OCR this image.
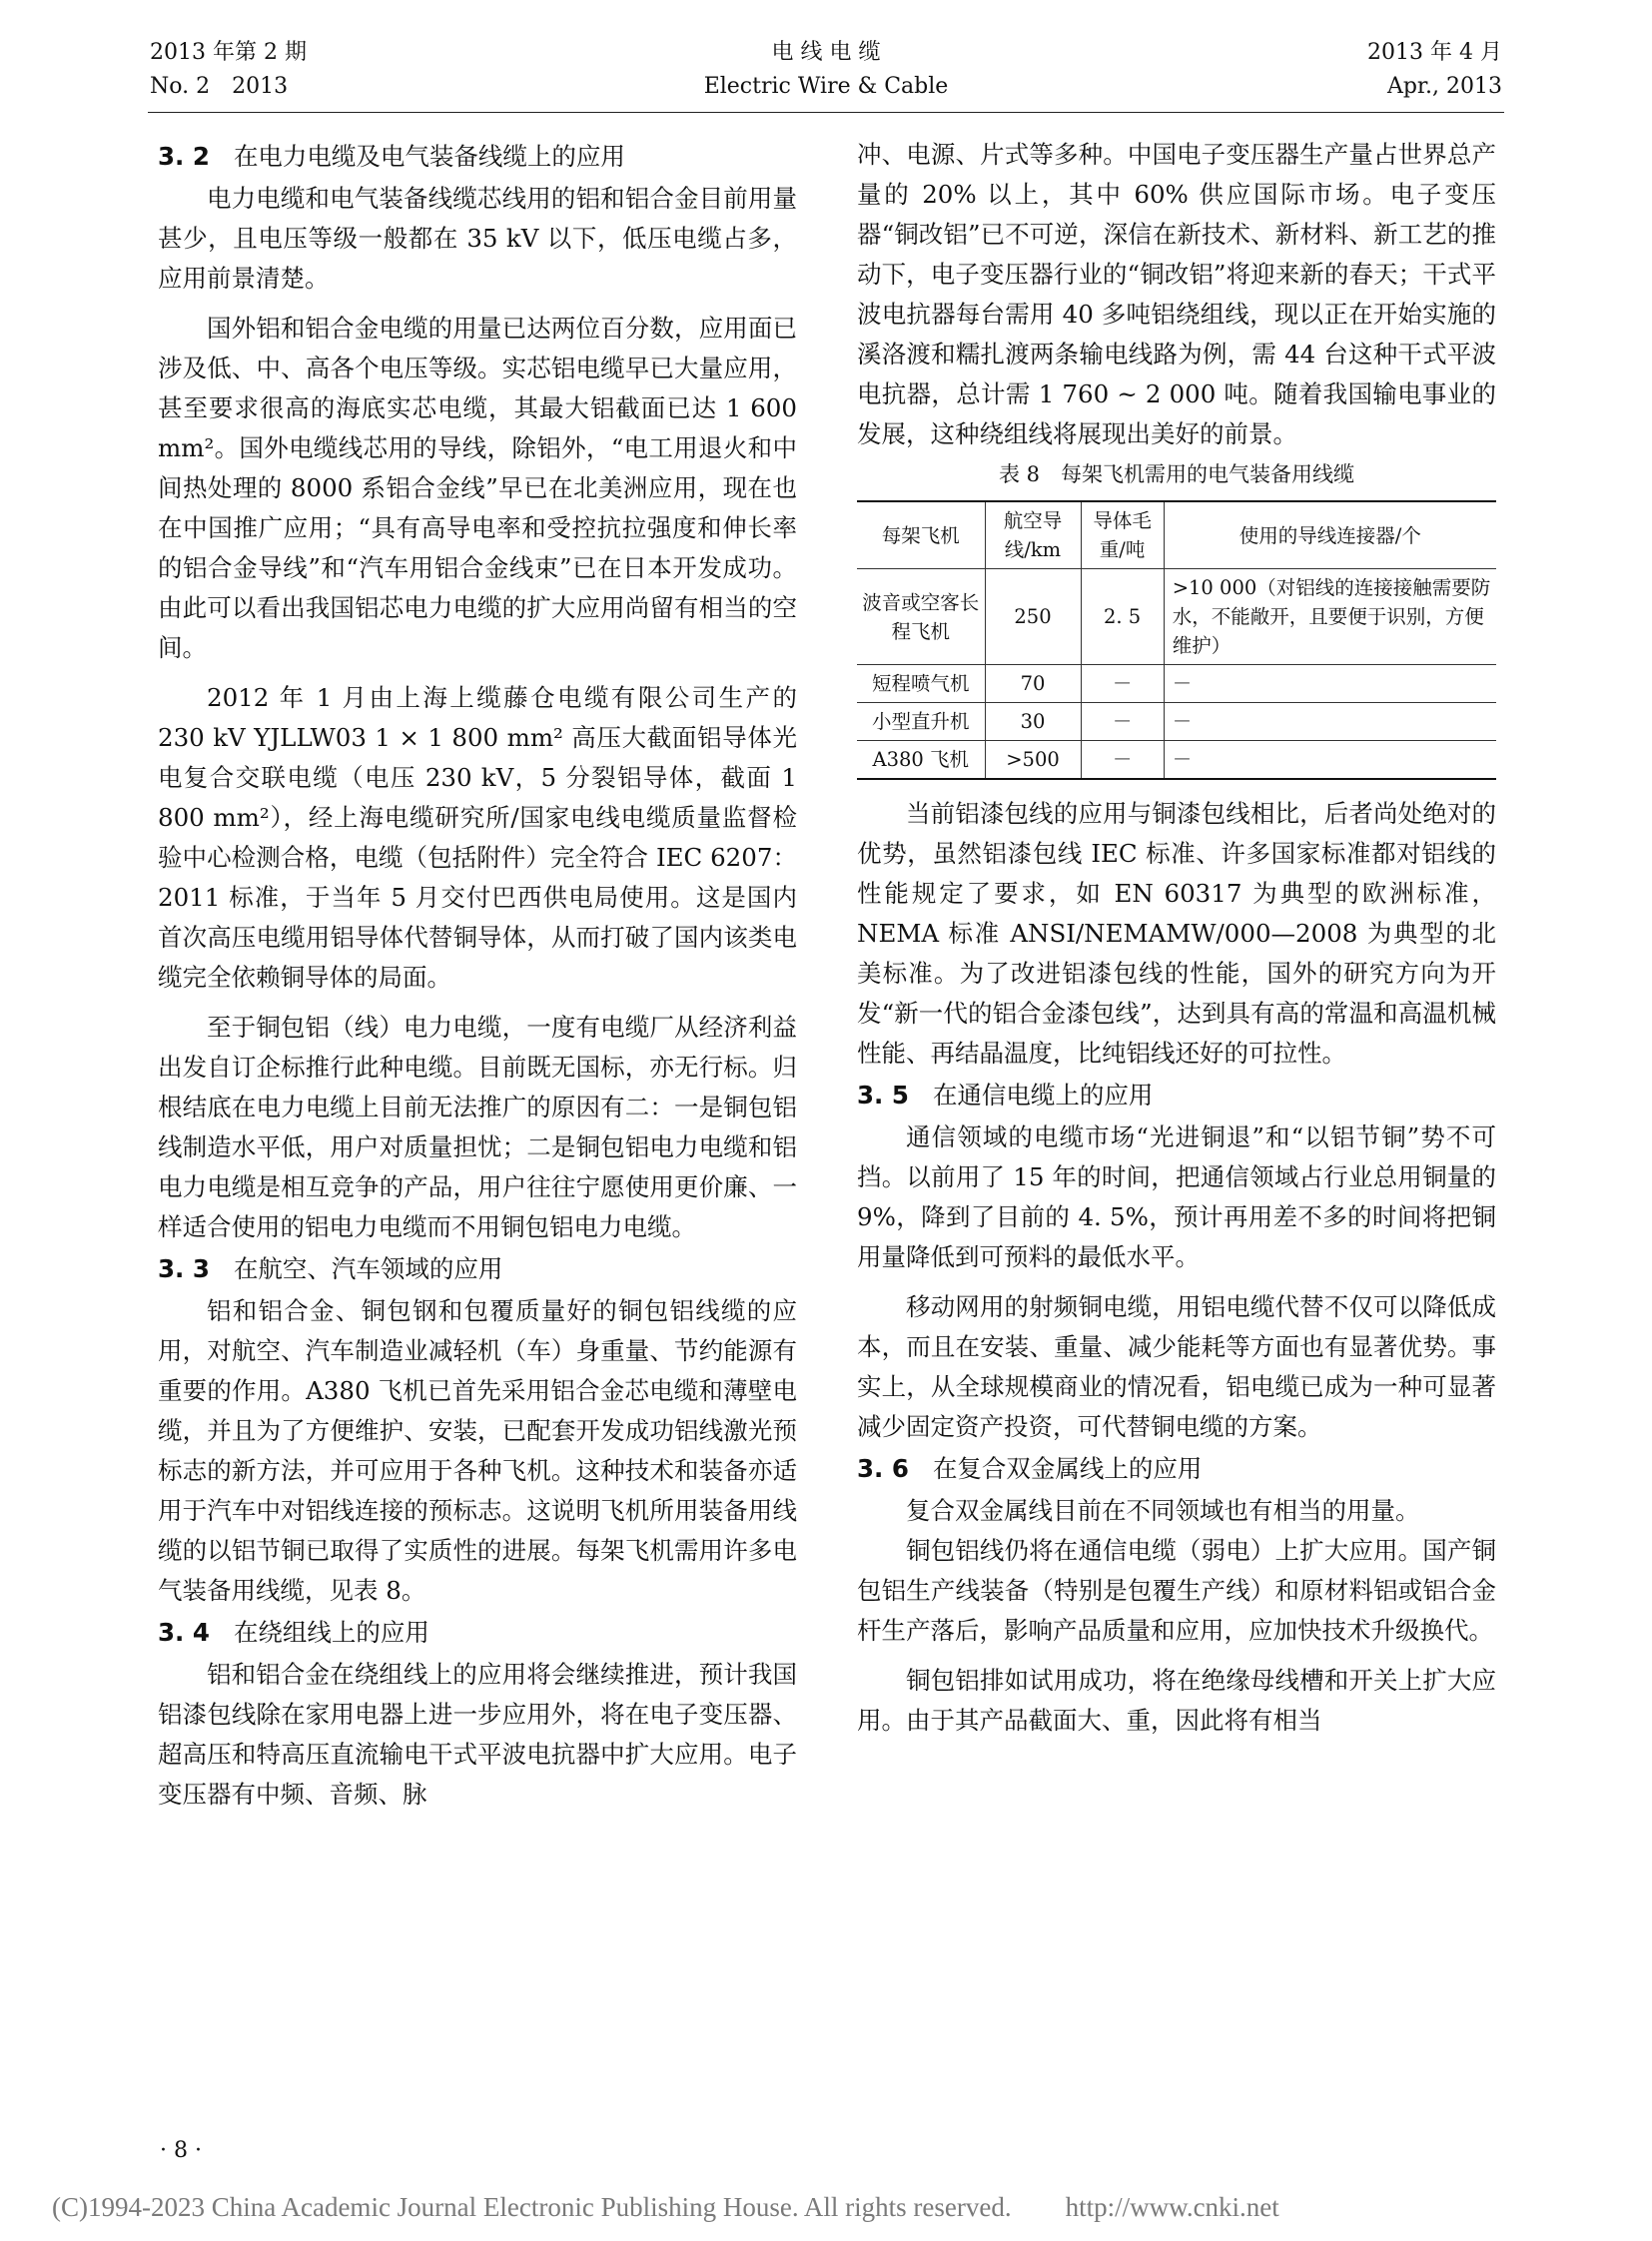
2013 年第 2 期
No. 2　2013
电 线 电 缆
Electric Wire & Cable
2013 年 4 月
Apr., 2013
3. 2 在电力电缆及电气装备线缆上的应用

电力电缆和电气装备线缆芯线用的铝和铝合金目前用量甚少，且电压等级一般都在 35 kV 以下，低压电缆占多，应用前景清楚。

国外铝和铝合金电缆的用量已达两位百分数，应用面已涉及低、中、高各个电压等级。实芯铝电缆早已大量应用，甚至要求很高的海底实芯电缆，其最大铝截面已达 1 600 mm²。国外电缆线芯用的导线，除铝外，“电工用退火和中间热处理的 8000 系铝合金线”早已在北美洲应用，现在也在中国推广应用；“具有高导电率和受控抗拉强度和伸长率的铝合金导线”和“汽车用铝合金线束”已在日本开发成功。由此可以看出我国铝芯电力电缆的扩大应用尚留有相当的空间。

2012 年 1 月由上海上缆藤仓电缆有限公司生产的 230 kV YJLLW03 1 × 1 800 mm² 高压大截面铝导体光电复合交联电缆（电压 230 kV，5 分裂铝导体，截面 1 800 mm²），经上海电缆研究所/国家电线电缆质量监督检验中心检测合格，电缆（包括附件）完全符合 IEC 6207：2011 标准，于当年 5 月交付巴西供电局使用。这是国内首次高压电缆用铝导体代替铜导体，从而打破了国内该类电缆完全依赖铜导体的局面。

至于铜包铝（线）电力电缆，一度有电缆厂从经济利益出发自订企标推行此种电缆。目前既无国标，亦无行标。归根结底在电力电缆上目前无法推广的原因有二：一是铜包铝线制造水平低，用户对质量担忧；二是铜包铝电力电缆和铝电力电缆是相互竞争的产品，用户往往宁愿使用更价廉、一样适合使用的铝电力电缆而不用铜包铝电力电缆。

3. 3 在航空、汽车领域的应用

铝和铝合金、铜包钢和包覆质量好的铜包铝线缆的应用，对航空、汽车制造业减轻机（车）身重量、节约能源有重要的作用。A380 飞机已首先采用铝合金芯电缆和薄壁电缆，并且为了方便维护、安装，已配套开发成功铝线激光预标志的新方法，并可应用于各种飞机。这种技术和装备亦适用于汽车中对铝线连接的预标志。这说明飞机所用装备用线缆的以铝节铜已取得了实质性的进展。每架飞机需用许多电气装备用线缆，见表 8。

3. 4 在绕组线上的应用

铝和铝合金在绕组线上的应用将会继续推进，预计我国铝漆包线除在家用电器上进一步应用外，将在电子变压器、超高压和特高压直流输电干式平波电抗器中扩大应用。电子变压器有中频、音频、脉

冲、电源、片式等多种。中国电子变压器生产量占世界总产量的 20% 以上，其中 60% 供应国际市场。电子变压器“铜改铝”已不可逆，深信在新技术、新材料、新工艺的推动下，电子变压器行业的“铜改铝”将迎来新的春天；干式平波电抗器每台需用 40 多吨铝绕组线，现以正在开始实施的溪洛渡和糯扎渡两条输电线路为例，需 44 台这种干式平波电抗器，总计需 1 760 ~ 2 000 吨。随着我国输电事业的发展，这种绕组线将展现出美好的前景。

表 8　每架飞机需用的电气装备用线缆
每架飞机	航空导线/km	导体毛重/吨	使用的导线连接器/个
波音或空客长程飞机	250	2. 5	>10 000（对铝线的连接接触需要防水，不能敞开，且要便于识别，方便维护）
短程喷气机	70	－	－
小型直升机	30	－	－
A380 飞机	>500	－	－

当前铝漆包线的应用与铜漆包线相比，后者尚处绝对的优势，虽然铝漆包线 IEC 标准、许多国家标准都对铝线的性能规定了要求，如 EN 60317 为典型的欧洲标准，NEMA 标准 ANSI/NEMAMW/000—2008 为典型的北美标准。为了改进铝漆包线的性能，国外的研究方向为开发“新一代的铝合金漆包线”，达到具有高的常温和高温机械性能、再结晶温度，比纯铝线还好的可拉性。

3. 5 在通信电缆上的应用

通信领域的电缆市场“光进铜退”和“以铝节铜”势不可挡。以前用了 15 年的时间，把通信领域占行业总用铜量的 9%，降到了目前的 4. 5%，预计再用差不多的时间将把铜用量降低到可预料的最低水平。

移动网用的射频铜电缆，用铝电缆代替不仅可以降低成本，而且在安装、重量、减少能耗等方面也有显著优势。事实上，从全球规模商业的情况看，铝电缆已成为一种可显著减少固定资产投资，可代替铜电缆的方案。

3. 6 在复合双金属线上的应用

复合双金属线目前在不同领域也有相当的用量。

铜包铝线仍将在通信电缆（弱电）上扩大应用。国产铜包铝生产线装备（特别是包覆生产线）和原材料铝或铝合金杆生产落后，影响产品质量和应用，应加快技术升级换代。

铜包铝排如试用成功，将在绝缘母线槽和开关上扩大应用。由于其产品截面大、重，因此将有相当

· 8 ·
(C)1994-2023 China Academic Journal Electronic Publishing House. All rights reserved.　　http://www.cnki.net
